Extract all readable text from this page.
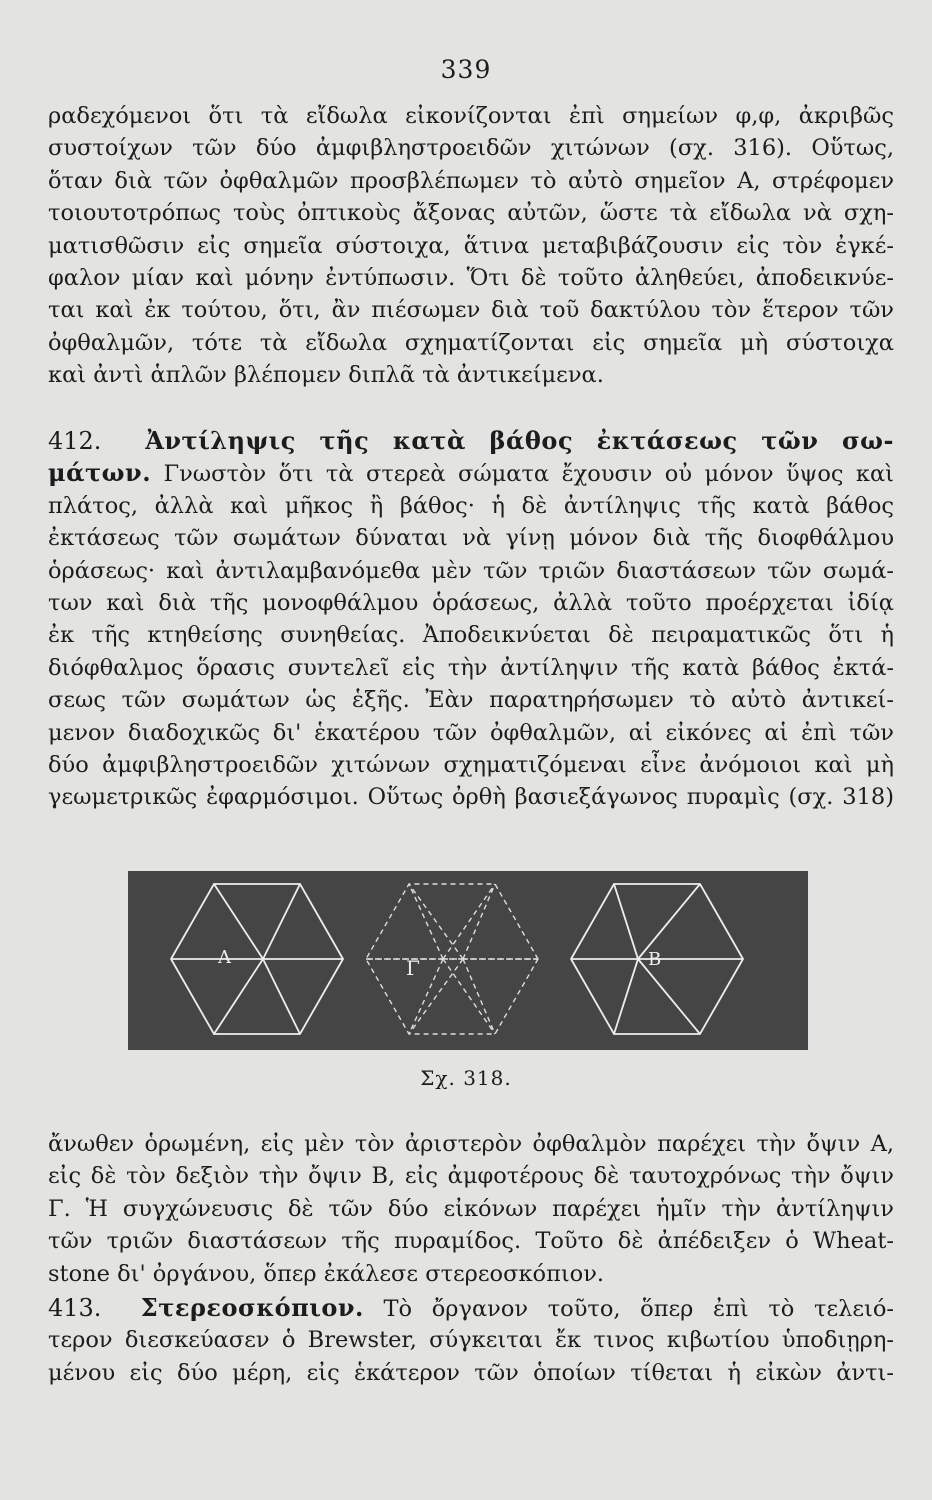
339
ραδεχόμενοι ὅτι τὰ εἴδωλα εἰκονίζονται ἐπὶ σημείων φ,φ, ἀκριβῶς
συστοίχων τῶν δύο ἀμφιβληστροειδῶν χιτώνων (σχ. 316). Οὕτως,
ὅταν διὰ τῶν ὀφθαλμῶν προσβλέπωμεν τὸ αὐτὸ σημεῖον Α, στρέφομεν
τοιουτοτρόπως τοὺς ὀπτικοὺς ἄξονας αὐτῶν, ὥστε τὰ εἴδωλα νὰ σχη-
ματισθῶσιν εἰς σημεῖα σύστοιχα, ἅτινα μεταβιβάζουσιν εἰς τὸν ἐγκέ-
φαλον μίαν καὶ μόνην ἐντύπωσιν. Ὅτι δὲ τοῦτο ἀληθεύει, ἀποδεικνύε-
ται καὶ ἐκ τούτου, ὅτι, ἂν πιέσωμεν διὰ τοῦ δακτύλου τὸν ἕτερον τῶν
ὀφθαλμῶν, τότε τὰ εἴδωλα σχηματίζονται εἰς σημεῖα μὴ σύστοιχα
καὶ ἀντὶ ἁπλῶν βλέπομεν διπλᾶ τὰ ἀντικείμενα.
412. Ἀντίληψις τῆς κατὰ βάθος ἐκτάσεως τῶν σω-
μάτων. Γνωστὸν ὅτι τὰ στερεὰ σώματα ἔχουσιν οὐ μόνον ὕψος καὶ
πλάτος, ἀλλὰ καὶ μῆκος ἢ βάθος· ἡ δὲ ἀντίληψις τῆς κατὰ βάθος
ἐκτάσεως τῶν σωμάτων δύναται νὰ γίνῃ μόνον διὰ τῆς διοφθάλμου
ὁράσεως· καὶ ἀντιλαμβανόμεθα μὲν τῶν τριῶν διαστάσεων τῶν σωμά-
των καὶ διὰ τῆς μονοφθάλμου ὁράσεως, ἀλλὰ τοῦτο προέρχεται ἰδίᾳ
ἐκ τῆς κτηθείσης συνηθείας. Ἀποδεικνύεται δὲ πειραματικῶς ὅτι ἡ
διόφθαλμος ὅρασις συντελεῖ εἰς τὴν ἀντίληψιν τῆς κατὰ βάθος ἐκτά-
σεως τῶν σωμάτων ὡς ἑξῆς. Ἐὰν παρατηρήσωμεν τὸ αὐτὸ ἀντικεί-
μενον διαδοχικῶς δι' ἑκατέρου τῶν ὀφθαλμῶν, αἱ εἰκόνες αἱ ἐπὶ τῶν
δύο ἀμφιβληστροειδῶν χιτώνων σχηματιζόμεναι εἶνε ἀνόμοιοι καὶ μὴ
γεωμετρικῶς ἐφαρμόσιμοι. Οὕτως ὀρθὴ βασιεξάγωνος πυραμὶς (σχ. 318)
A	Γ	B
Σχ. 318.
ἄνωθεν ὁρωμένη, εἰς μὲν τὸν ἀριστερὸν ὀφθαλμὸν παρέχει τὴν ὄψιν Α,
εἰς δὲ τὸν δεξιὸν τὴν ὄψιν Β, εἰς ἀμφοτέρους δὲ ταυτοχρόνως τὴν ὄψιν
Γ. Ἡ συγχώνευσις δὲ τῶν δύο εἰκόνων παρέχει ἡμῖν τὴν ἀντίληψιν
τῶν τριῶν διαστάσεων τῆς πυραμίδος. Τοῦτο δὲ ἀπέδειξεν ὁ Wheat-
stone δι' ὀργάνου, ὅπερ ἐκάλεσε στερεοσκόπιον.
413. Στερεοσκόπιον. Τὸ ὄργανον τοῦτο, ὅπερ ἐπὶ τὸ τελειό-
τερον διεσκεύασεν ὁ Brewster, σύγκειται ἔκ τινος κιβωτίου ὑποδιῃρη-
μένου εἰς δύο μέρη, εἰς ἑκάτερον τῶν ὁποίων τίθεται ἡ εἰκὼν ἀντι-
